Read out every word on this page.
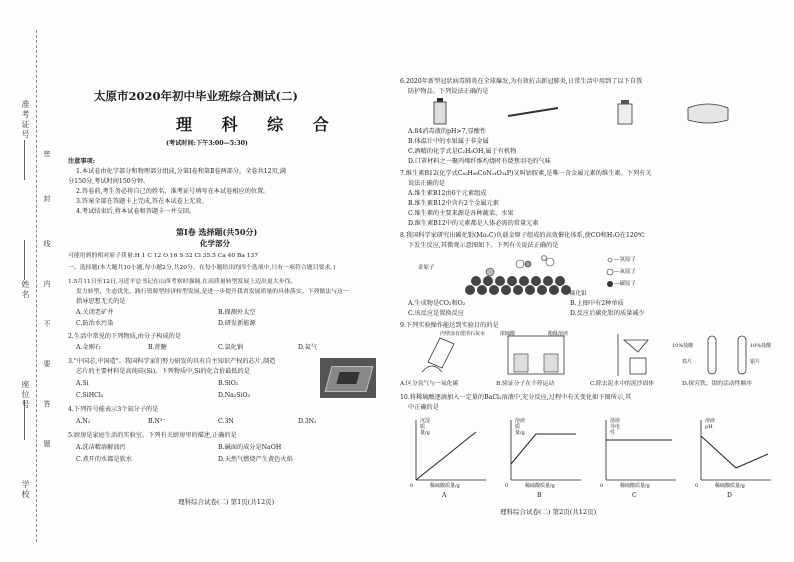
准考证号
姓名
座位号
学校
密
封
线
内
不
要
答
题
太原市2020年初中毕业班综合测试(二)
理 科 综 合
(考试时间:下午3:00—5:30)
注意事项:
1.本试卷由化学部分和物理部分组成,分第Ⅰ卷和第Ⅱ卷两部分。全卷共12页,满
分150分,考试时间150分钟。
2.答卷前,考生务必将自己的姓名、准考证号填写在本试卷相应的位置。
3.答案全部在答题卡上完成,答在本试卷上无效。
4.考试结束后,将本试卷和答题卡一并交回。
第Ⅰ卷 选择题(共50分)
化学部分
可能用到的相对原子质量:H 1 C 12 O 16 S 32 Cl 35.5 Ca 40 Ba 137
一、选择题(本大题共10小题,每小题2分,共20分。在每小题给出的四个选项中,只有一项符合题目要求。)
1.5月11日至12日,习近平总书记在山西考察时强调,在高质量转型发展上迈出更大步伐。
发力转型、生态优先、践行资源型经济转型发展,是进一步提升我省发展质量的具体落实。下列做法与这一
指导思想无关的是
A.关闭老矿井	B.探测外太空
C.防治水污染	D.研发新能源
2.生活中常见的下列物质,由分子构成的是
A.金刚石	B.蔗糖	C.氯化钠	D.氦气
3."中国芯,中国造"。我国科学家们努力研发的具有自主知识产权的芯片,制造
芯片的主要材料是高纯硅(Si)。下列物质中,Si的化合价最低的是
A.Si	B.SiO₂
C.SiHCl₃	D.Na₂SiO₃
4.下列符号能表示3个氮分子的是
A.N₂	B.N³⁻	C.3N	D.3N₂
5.厨房是家庭生活的实验室。下列有关厨房里的描述,正确的是
A.洗洁精溶解油污	B.碱面的成分是NaOH
C.煮开的水都是软水	D.天然气燃烧产生黄色火焰
理科综合试卷(二) 第1页(共12页)
6.2020年新型冠状病毒肺炎在全球爆发,为有效抗击新冠肺炎,日常生活中用到了以下自我
防护物品。下列说法正确的是
A.84消毒液的pH>7,显酸性
B.体温计中的水银属于非金属
C.酒精的化学式是C₂H₅OH,属于有机物
D.口罩材料之一聚丙烯纤维灼烧时有烧焦羽毛的气味
7.维生素B12(化学式C₆₃H₈₈CoN₁₄O₁₄P)又叫钴胺素,是唯一含金属元素的维生素。下列有关
说法正确的是
A.维生素B12由6个元素组成
B.维生素B12中含有2个金属元素
C.维生素的主要来源是各种蔬菜、水果
D.维生素B12中的元素都是人体必需的常量元素
8.我国科学家研究出碳化钼(Mo₂C)负载金原子组成的高效催化体系,使CO和H₂O在120℃
下发生反应,其微观示意图如下。下列有关说法正确的是
金原子
碳化钼
—氢原子
—氧原子
—碳原子
A.生成物是CO₂和O₂	B.上图中有2种单质
C.该反应是置换反应	D.反应后碳化钼的质量减少
9.下列实验操作能达到实验目的的是
内壁涂有澄清石灰水	浓硫酸	酚酞溶液
10%盐酸
铁片	银片
10%盐酸
A.区分氢气与一氧化碳	B.验证分子在不停运动	C.除去泥水中的泥沙固体	D.探究铁、银的活动性顺序
10.将稀硫酸逐滴加入一定量的BaCl₂溶液中,充分反应,过程中有关变化如下图所示,其
中正确的是
沉淀质量/g
溶液质量/g
溶液导电性
溶液pH
0	0	0	0
稀硫酸质量/g	稀硫酸质量/g	稀硫酸质量/g	稀硫酸质量/g
A	B	C	D
理科综合试卷(二) 第2页(共12页)
